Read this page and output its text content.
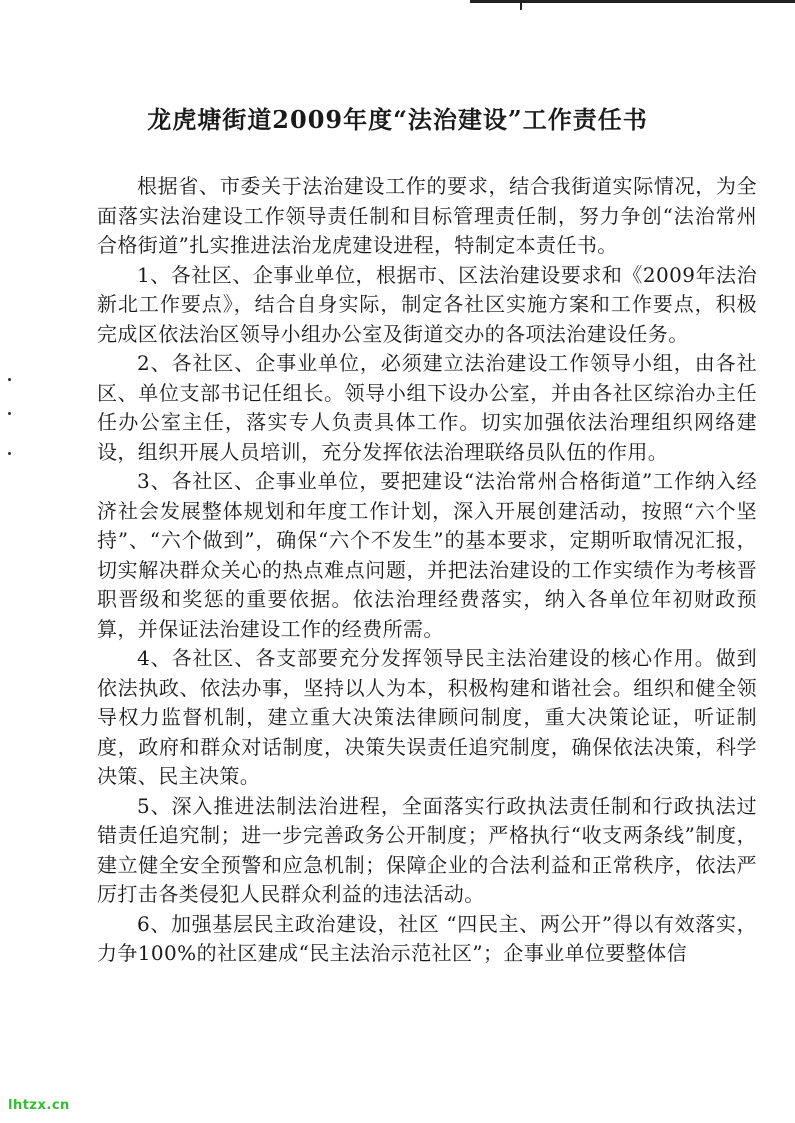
龙虎塘街道2009年度“法治建设”工作责任书

根据省、市委关于法治建设工作的要求，结合我街道实际情况，为全面落实法治建设工作领导责任制和目标管理责任制，努力争创“法治常州合格街道”扎实推进法治龙虎建设进程，特制定本责任书。

1、各社区、企事业单位，根据市、区法治建设要求和《2009年法治新北工作要点》，结合自身实际，制定各社区实施方案和工作要点，积极完成区依法治区领导小组办公室及街道交办的各项法治建设任务。

2、各社区、企事业单位，必须建立法治建设工作领导小组，由各社区、单位支部书记任组长。领导小组下设办公室，并由各社区综治办主任任办公室主任，落实专人负责具体工作。切实加强依法治理组织网络建设，组织开展人员培训，充分发挥依法治理联络员队伍的作用。

3、各社区、企事业单位，要把建设“法治常州合格街道”工作纳入经济社会发展整体规划和年度工作计划，深入开展创建活动，按照“六个坚持”、“六个做到”，确保“六个不发生”的基本要求，定期听取情况汇报，切实解决群众关心的热点难点问题，并把法治建设的工作实绩作为考核晋职晋级和奖惩的重要依据。依法治理经费落实，纳入各单位年初财政预算，并保证法治建设工作的经费所需。

4、各社区、各支部要充分发挥领导民主法治建设的核心作用。做到依法执政、依法办事，坚持以人为本，积极构建和谐社会。组织和健全领导权力监督机制，建立重大决策法律顾问制度，重大决策论证，听证制度，政府和群众对话制度，决策失误责任追究制度，确保依法决策，科学决策、民主决策。

5、深入推进法制法治进程，全面落实行政执法责任制和行政执法过错责任追究制；进一步完善政务公开制度；严格执行“收支两条线”制度，建立健全安全预警和应急机制；保障企业的合法利益和正常秩序，依法严厉打击各类侵犯人民群众利益的违法活动。

6、加强基层民主政治建设，社区 “四民主、两公开”得以有效落实，力争100%的社区建成“民主法治示范社区”；企事业单位要整体信

lhtzx.cn
